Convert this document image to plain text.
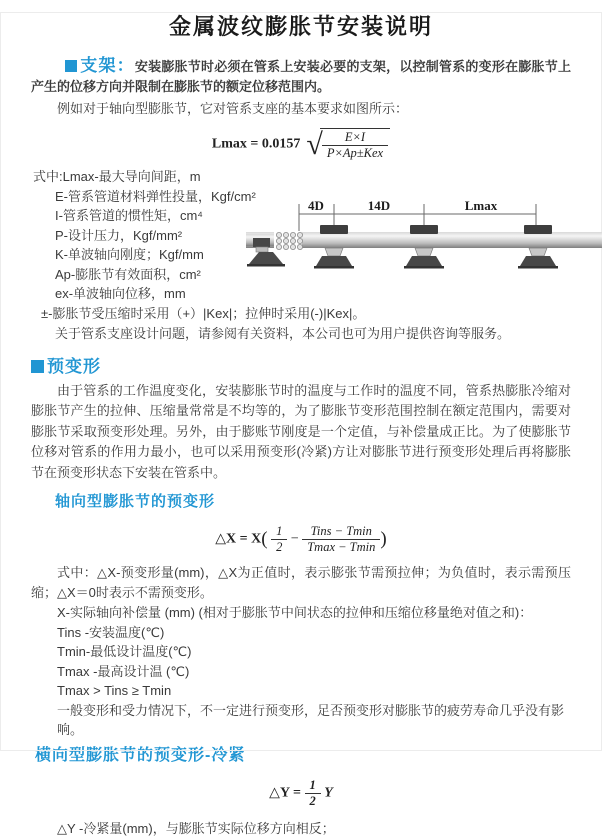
金属波纹膨胀节安装说明

支架：安装膨胀节时必须在管系上安装必要的支架，以控制管系的变形在膨胀节上产生的位移方向并限制在膨胀节的额定位移范围内。

例如对于轴向型膨胀节，它对管系支座的基本要求如图所示：

Lmax = 0.0157 √ $\frac{E\times I}{\text{P×Ap±Kex}}$
式中:Lmax-最大导向间距，m
E-管系管道材料弹性投量，Kgf/cm²
I-管系管道的惯性矩，cm⁴
P-设计压力，Kgf/mm²
K-单波轴向刚度；Kgf/mm
Ap-膨胀节有效面积，cm²
ex-单波轴向位移，mm
±-膨胀节受压缩时采用（+）|Kex|；拉伸时采用(-)|Kex|。
4D	14D	Lmax

关于管系支座设计问题，请参阅有关资料，本公司也可为用户提供咨询等服务。

预变形

由于管系的工作温度变化，安装膨胀节时的温度与工作时的温度不同，管系热膨胀冷缩对膨胀节产生的拉伸、压缩量常常是不均等的，为了膨胀节变形范围控制在额定范围内，需要对膨胀节采取预变形处理。另外，由于膨账节刚度是一个定值，与补偿量成正比。为了使膨胀节位移对管系的作用力最小，也可以采用预变形(冷紧)方让对膨胀节进行预变形处理后再将膨胀节在预变形状态下安装在管系中。

轴向型膨胀节的预变形
△X = $X( \frac{1}{2} - \frac{\text{Tins − Tmin}}{Tmax - Tmin}$ )

式中：△X-预变形量(mm)，△X为正值时，表示膨张节需预拉伸；为负值时，表示需预压缩；△X＝0时表示不需预变形。

X-实际轴向补偿量 (mm) (相对于膨胀节中间状态的拉伸和压缩位移量绝对值之和)：
Tins -安装温度(℃)
Tmin-最低设计温度(℃)
Tmax -最高设计温 (℃)
Tmax > Tins ≥ Tmin
一般变形和受力情况下，不一定进行预变形，足否预变形对膨胀节的疲劳寿命几乎没有影响。
横向型膨胀节的预变形-冷紧
△Y = $\frac{1}{2}$ Y
△Y -冷紧量(mm)，与膨胀节实际位移方向相反；
